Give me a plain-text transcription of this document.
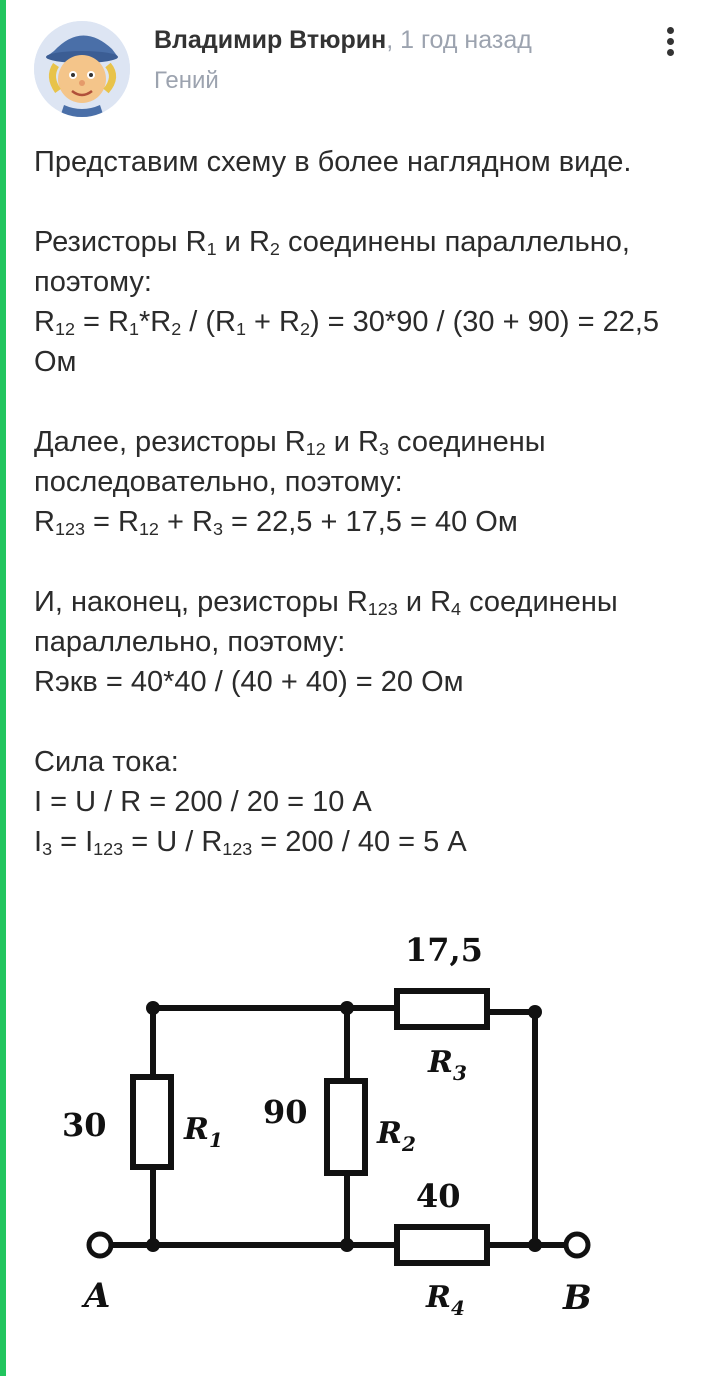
Владимир Втюрин, 1 год назад
Гений

Представим схему в более наглядном виде.

Резисторы $R_1$ и $R_2$ соединены параллельно, поэтому:
$R_{12} = R_1*R_2 / (R_1 + R_2) = 30*90 / (30 + 90) = 22,5$ Ом

Далее, резисторы $R_{12}$ и $R_3$ соединены последовательно, поэтому:

$R_{123} = R_{12} + R_3 = 22,5 + 17,5 = 40$ Ом

И, наконец, резисторы $R_{123}$ и $R_4$ соединены параллельно, поэтому:

Rэкв = 40*40 / (40 + 40) = 20 Ом

Сила тока:
I = U / R = 200 / 20 = 10 А
$I_3 = I_{123} = U / R_{123} = 200 / 40 = 5$ А

17,5
$R_3$
30	$R_1$
90
$R_2$
40
$R_4$
A	B
